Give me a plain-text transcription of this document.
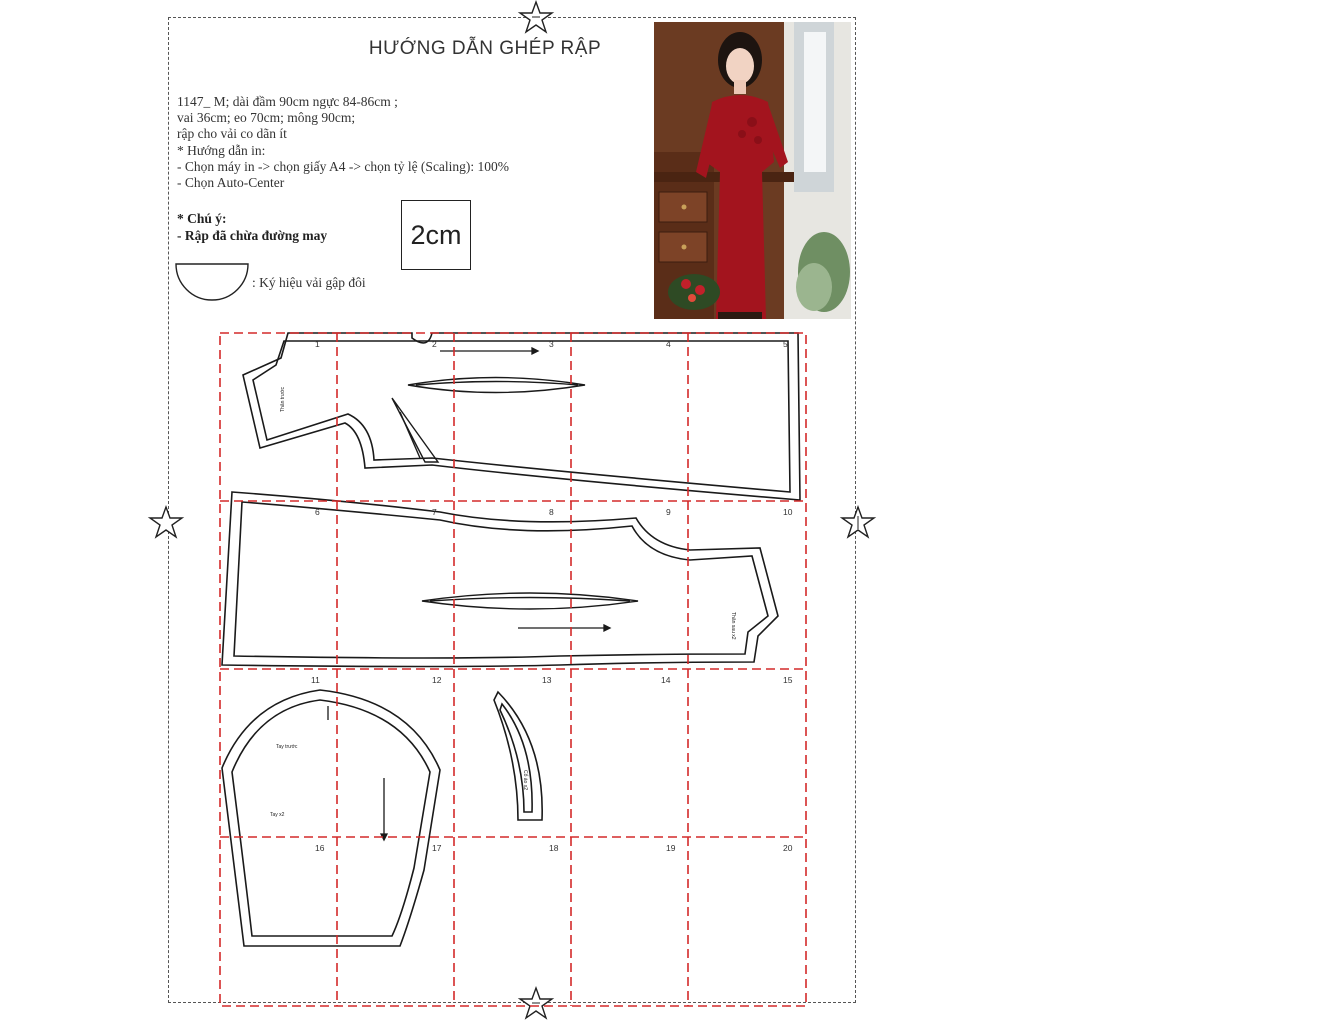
HƯỚNG DẪN GHÉP RẬP
1147_ M; dài đầm 90cm ngực 84-86cm ;
vai 36cm; eo 70cm; mông 90cm;
rập cho vải co dãn ít
* Hướng dẫn in:
- Chọn máy in -> chọn giấy A4 -> chọn tỷ lệ (Scaling): 100%
- Chọn Auto-Center
* Chú ý:
- Rập đã chừa đường may	2cm
: Ký hiệu vải gập đôi
HONG VIC
Thân trước
Thân sau x2
Tay trước
Tay x2
Cổ áo x2
1	2	3	4	5
6	7	8	9	10
11	12	13	14	15
16	17	18	19	20
